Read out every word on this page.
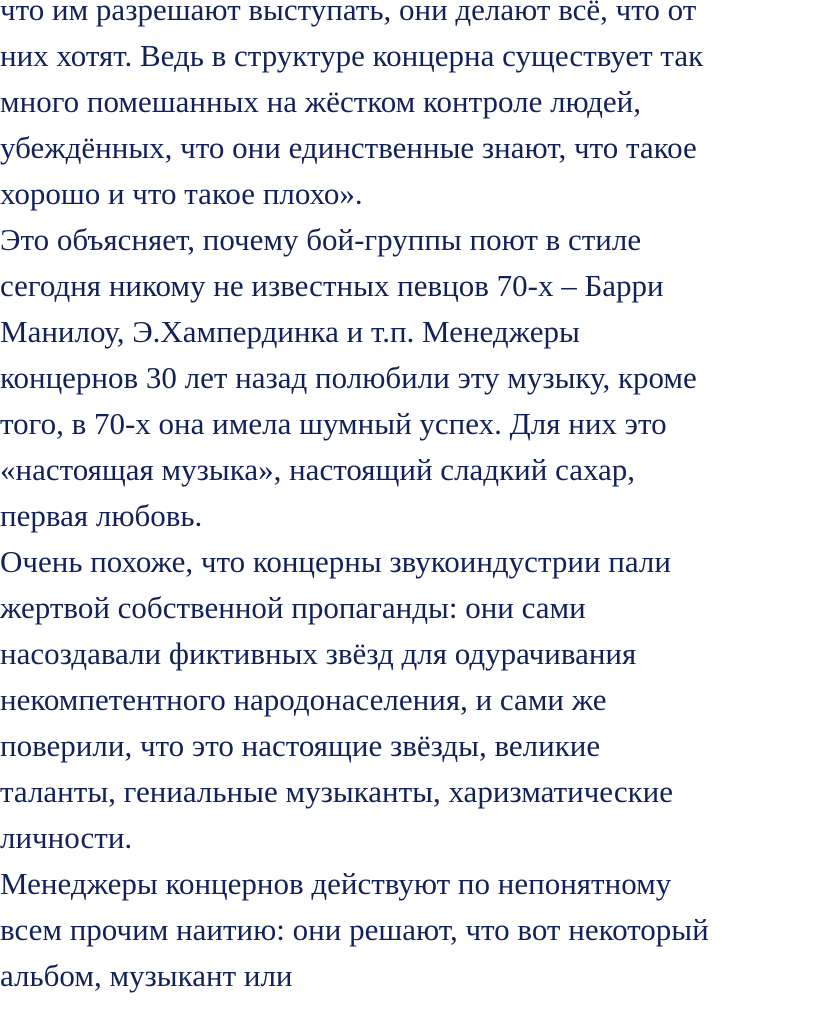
что им разрешают выступать, они делают всё, что от

них хотят. Ведь в структуре концерна существует так

много помешанных на жёстком контроле людей,

убеждённых, что они единственные знают, что такое

хорошо и что такое плохо».

Это объясняет, почему бой-группы поют в стиле

сегодня никому не известных певцов 70-х – Барри

Манилоу, Э.Хампердинка и т.п. Менеджеры

концернов 30 лет назад полюбили эту музыку, кроме

того, в 70-х она имела шумный успех. Для них это

«настоящая музыка», настоящий сладкий сахар,

первая любовь.

Очень похоже, что концерны звукоиндустрии пали

жертвой собственной пропаганды: они сами

насоздавали фиктивных звёзд для одурачивания

некомпетентного народонаселения, и сами же

поверили, что это настоящие звёзды, великие

таланты, гениальные музыканты, харизматические

личности.

Менеджеры концернов действуют по непонятному

всем прочим наитию: они решают, что вот некоторый

альбом, музыкант или
